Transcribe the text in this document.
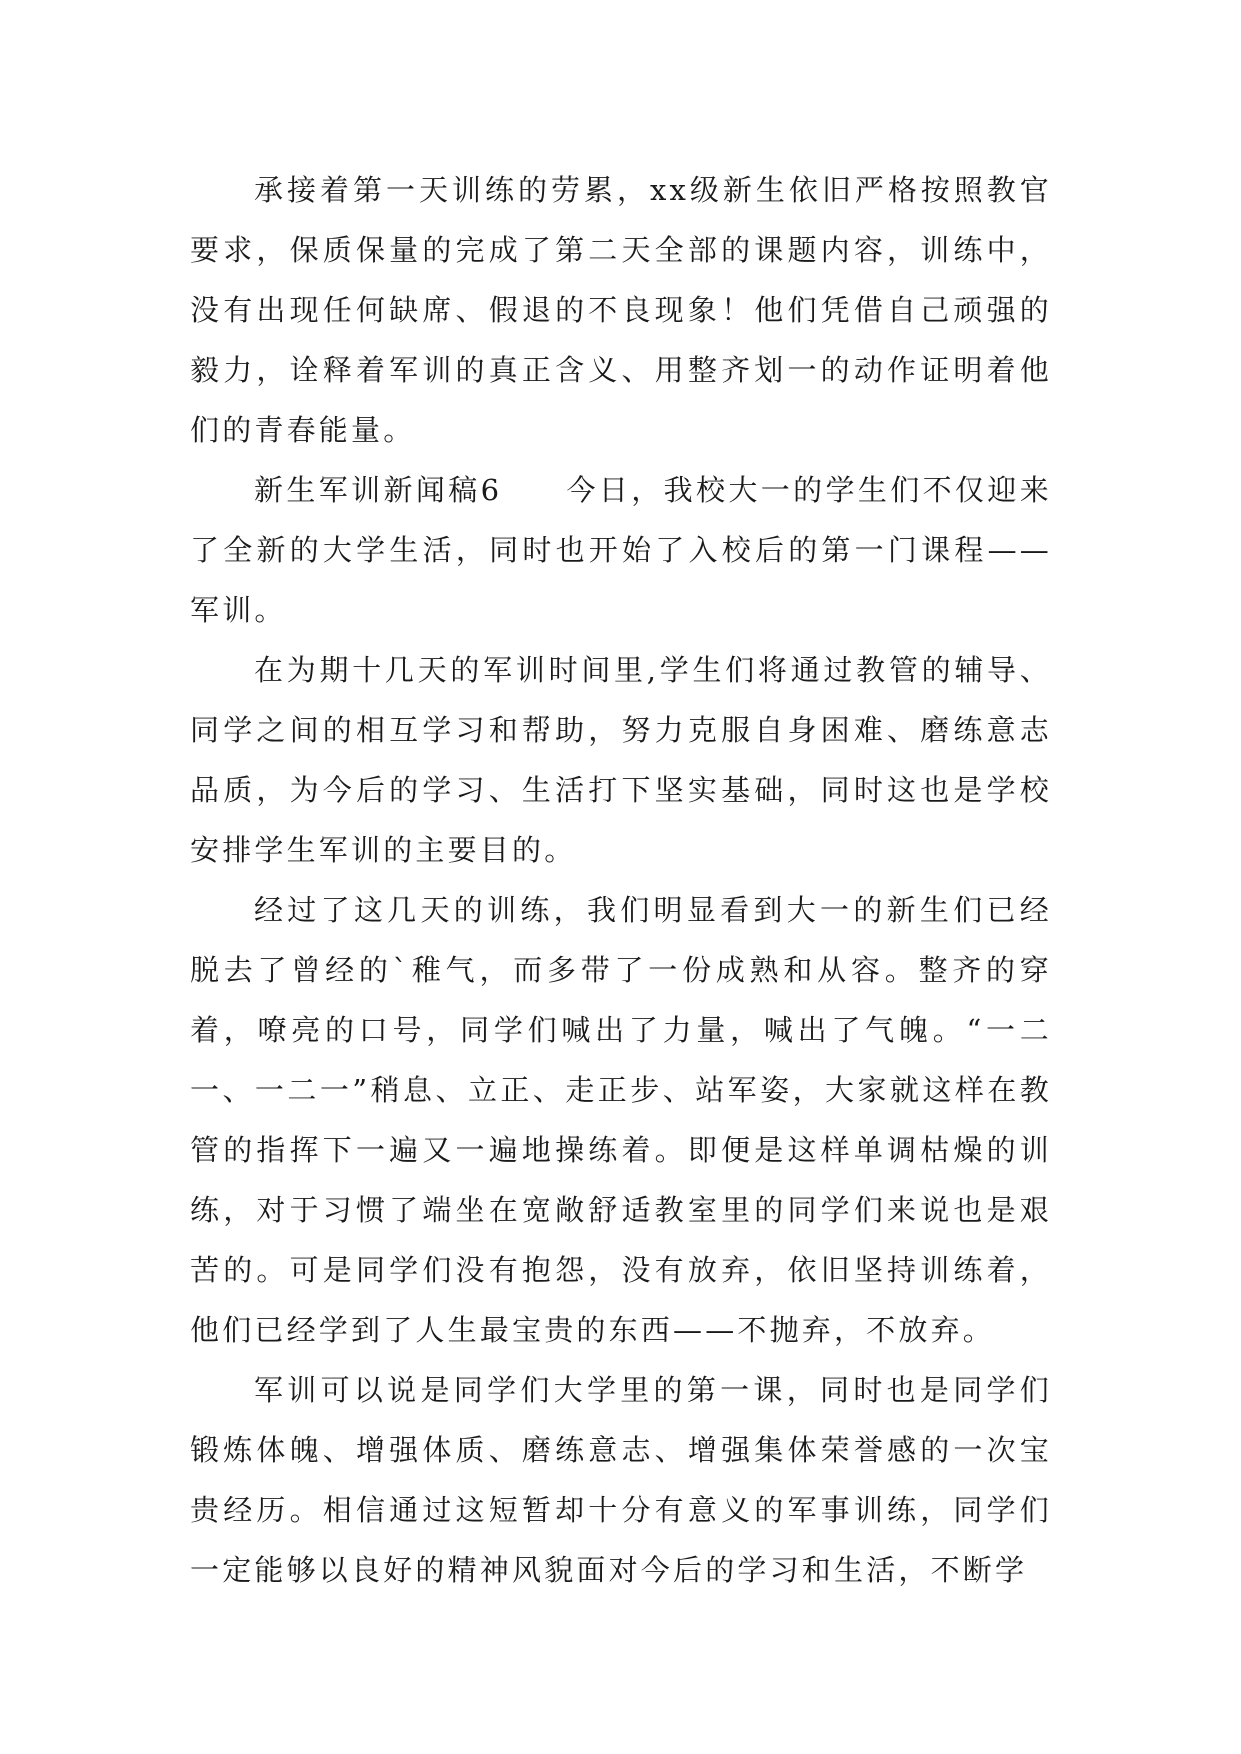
承接着第一天训练的劳累，xx级新生依旧严格按照教官要求，保质保量的完成了第二天全部的课题内容，训练中，没有出现任何缺席、假退的不良现象！他们凭借自己顽强的毅力，诠释着军训的真正含义、用整齐划一的动作证明着他们的青春能量。

新生军训新闻稿6 今日，我校大一的学生们不仅迎来了全新的大学生活，同时也开始了入校后的第一门课程——军训。

在为期十几天的军训时间里,学生们将通过教管的辅导、同学之间的相互学习和帮助，努力克服自身困难、磨练意志品质，为今后的学习、生活打下坚实基础，同时这也是学校安排学生军训的主要目的。

经过了这几天的训练，我们明显看到大一的新生们已经脱去了曾经的`稚气，而多带了一份成熟和从容。整齐的穿着，嘹亮的口号，同学们喊出了力量，喊出了气魄。“一二一、一二一”稍息、立正、走正步、站军姿，大家就这样在教管的指挥下一遍又一遍地操练着。即便是这样单调枯燥的训练，对于习惯了端坐在宽敞舒适教室里的同学们来说也是艰苦的。可是同学们没有抱怨，没有放弃，依旧坚持训练着，他们已经学到了人生最宝贵的东西——不抛弃，不放弃。

军训可以说是同学们大学里的第一课，同时也是同学们锻炼体魄、增强体质、磨练意志、增强集体荣誉感的一次宝贵经历。相信通过这短暂却十分有意义的军事训练，同学们一定能够以良好的精神风貌面对今后的学习和生活，不断学
